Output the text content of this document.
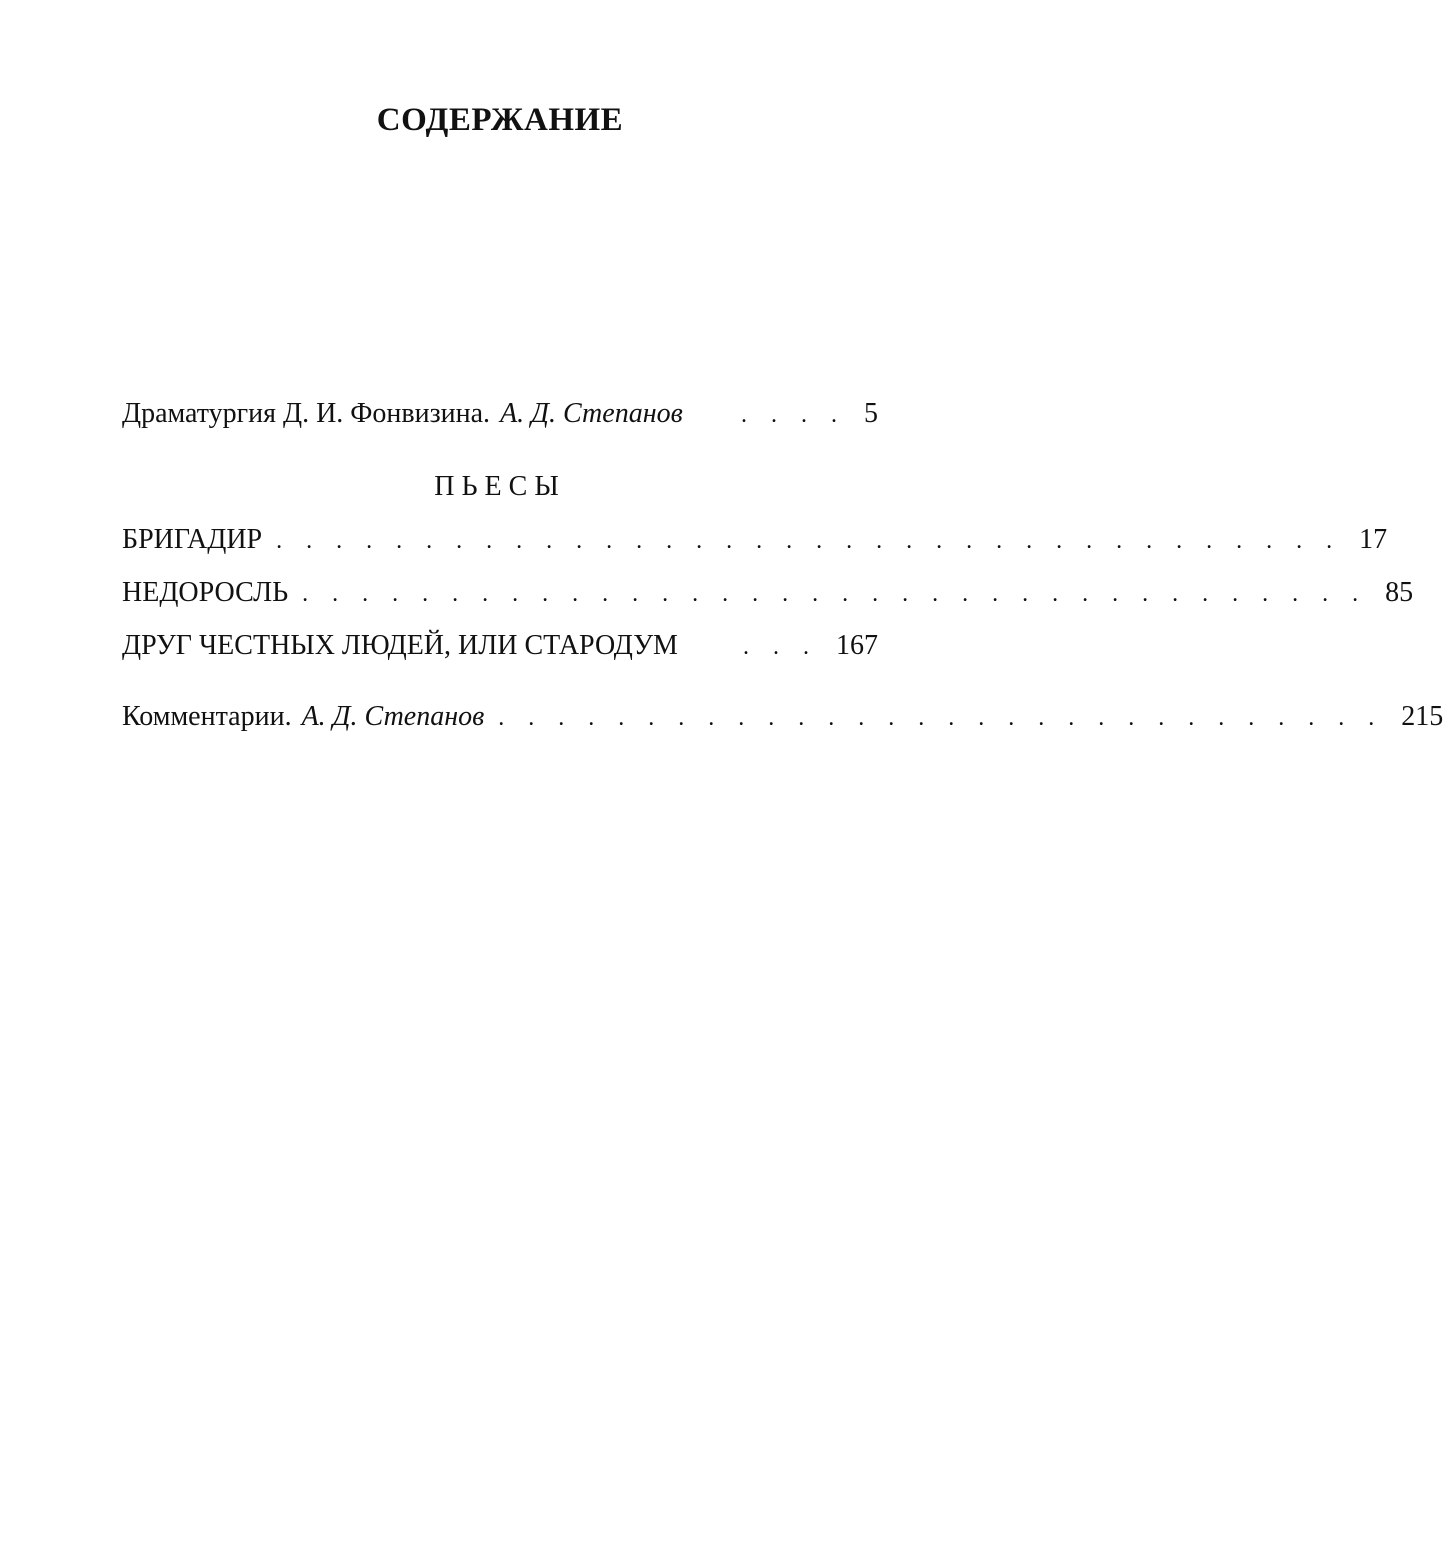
СОДЕРЖАНИЕ
Драматургия Д. И. Фонвизина. А. Д. Степанов	. . . . 5
ПЬЕСЫ
БРИГАДИР . . . . . . . . . . . . . . . . . . . . . . . . . . . . . . . . . . . . 17
НЕДОРОСЛЬ . . . . . . . . . . . . . . . . . . . . . . . . . . . . . . . . . . . . 85
ДРУГ ЧЕСТНЫХ ЛЮДЕЙ, ИЛИ СТАРОДУМ	. . . 167
Комментарии. А. Д. Степанов . . . . . . . . . . . . . . . . . . . . . . . . . . . . . . 215
